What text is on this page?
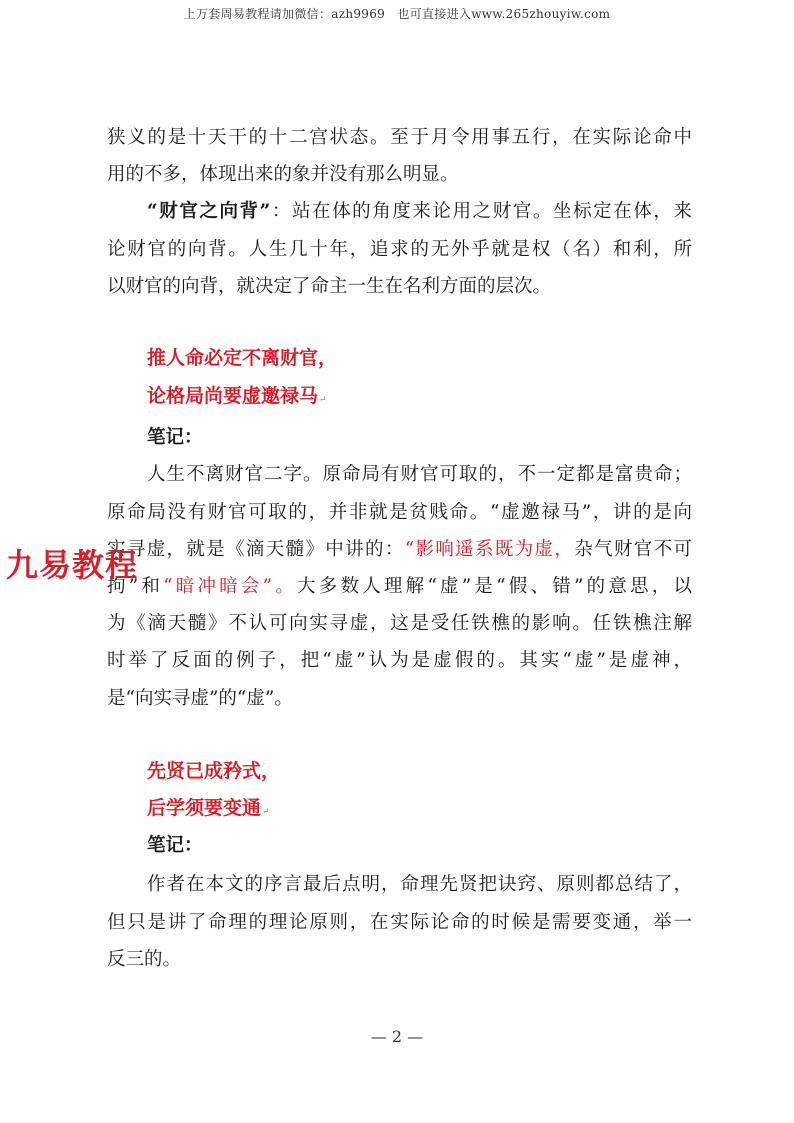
上万套周易教程请加微信：azh9969　也可直接进入www.265zhouyiw.com
狭义的是十天干的十二宫状态。至于月令用事五行，在实际论命中
用的不多，体现出来的象并没有那么明显。
“财官之向背”：站在体的角度来论用之财官。坐标定在体，来
论财官的向背。人生几十年，追求的无外乎就是权（名）和利，所
以财官的向背，就决定了命主一生在名利方面的层次。
推人命必定不离财官，
论格局尚要虚邀禄马↵
笔记：
人生不离财官二字。原命局有财官可取的，不一定都是富贵命；
原命局没有财官可取的，并非就是贫贱命。“虚邀禄马”，讲的是向
实寻虚，就是《滴天髓》中讲的：“影响遥系既为虚，杂气财官不可
拘”和“暗冲暗会”。大多数人理解“虚”是“假、错”的意思，以
为《滴天髓》不认可向实寻虚，这是受任铁樵的影响。任铁樵注解
时举了反面的例子，把“虚”认为是虚假的。其实“虚”是虚神，
是“向实寻虚”的“虚”。
先贤已成矜式，
后学须要变通↵
笔记：
作者在本文的序言最后点明，命理先贤把诀窍、原则都总结了，
但只是讲了命理的理论原则，在实际论命的时候是需要变通，举一
反三的。
九易教程
— 2 —
